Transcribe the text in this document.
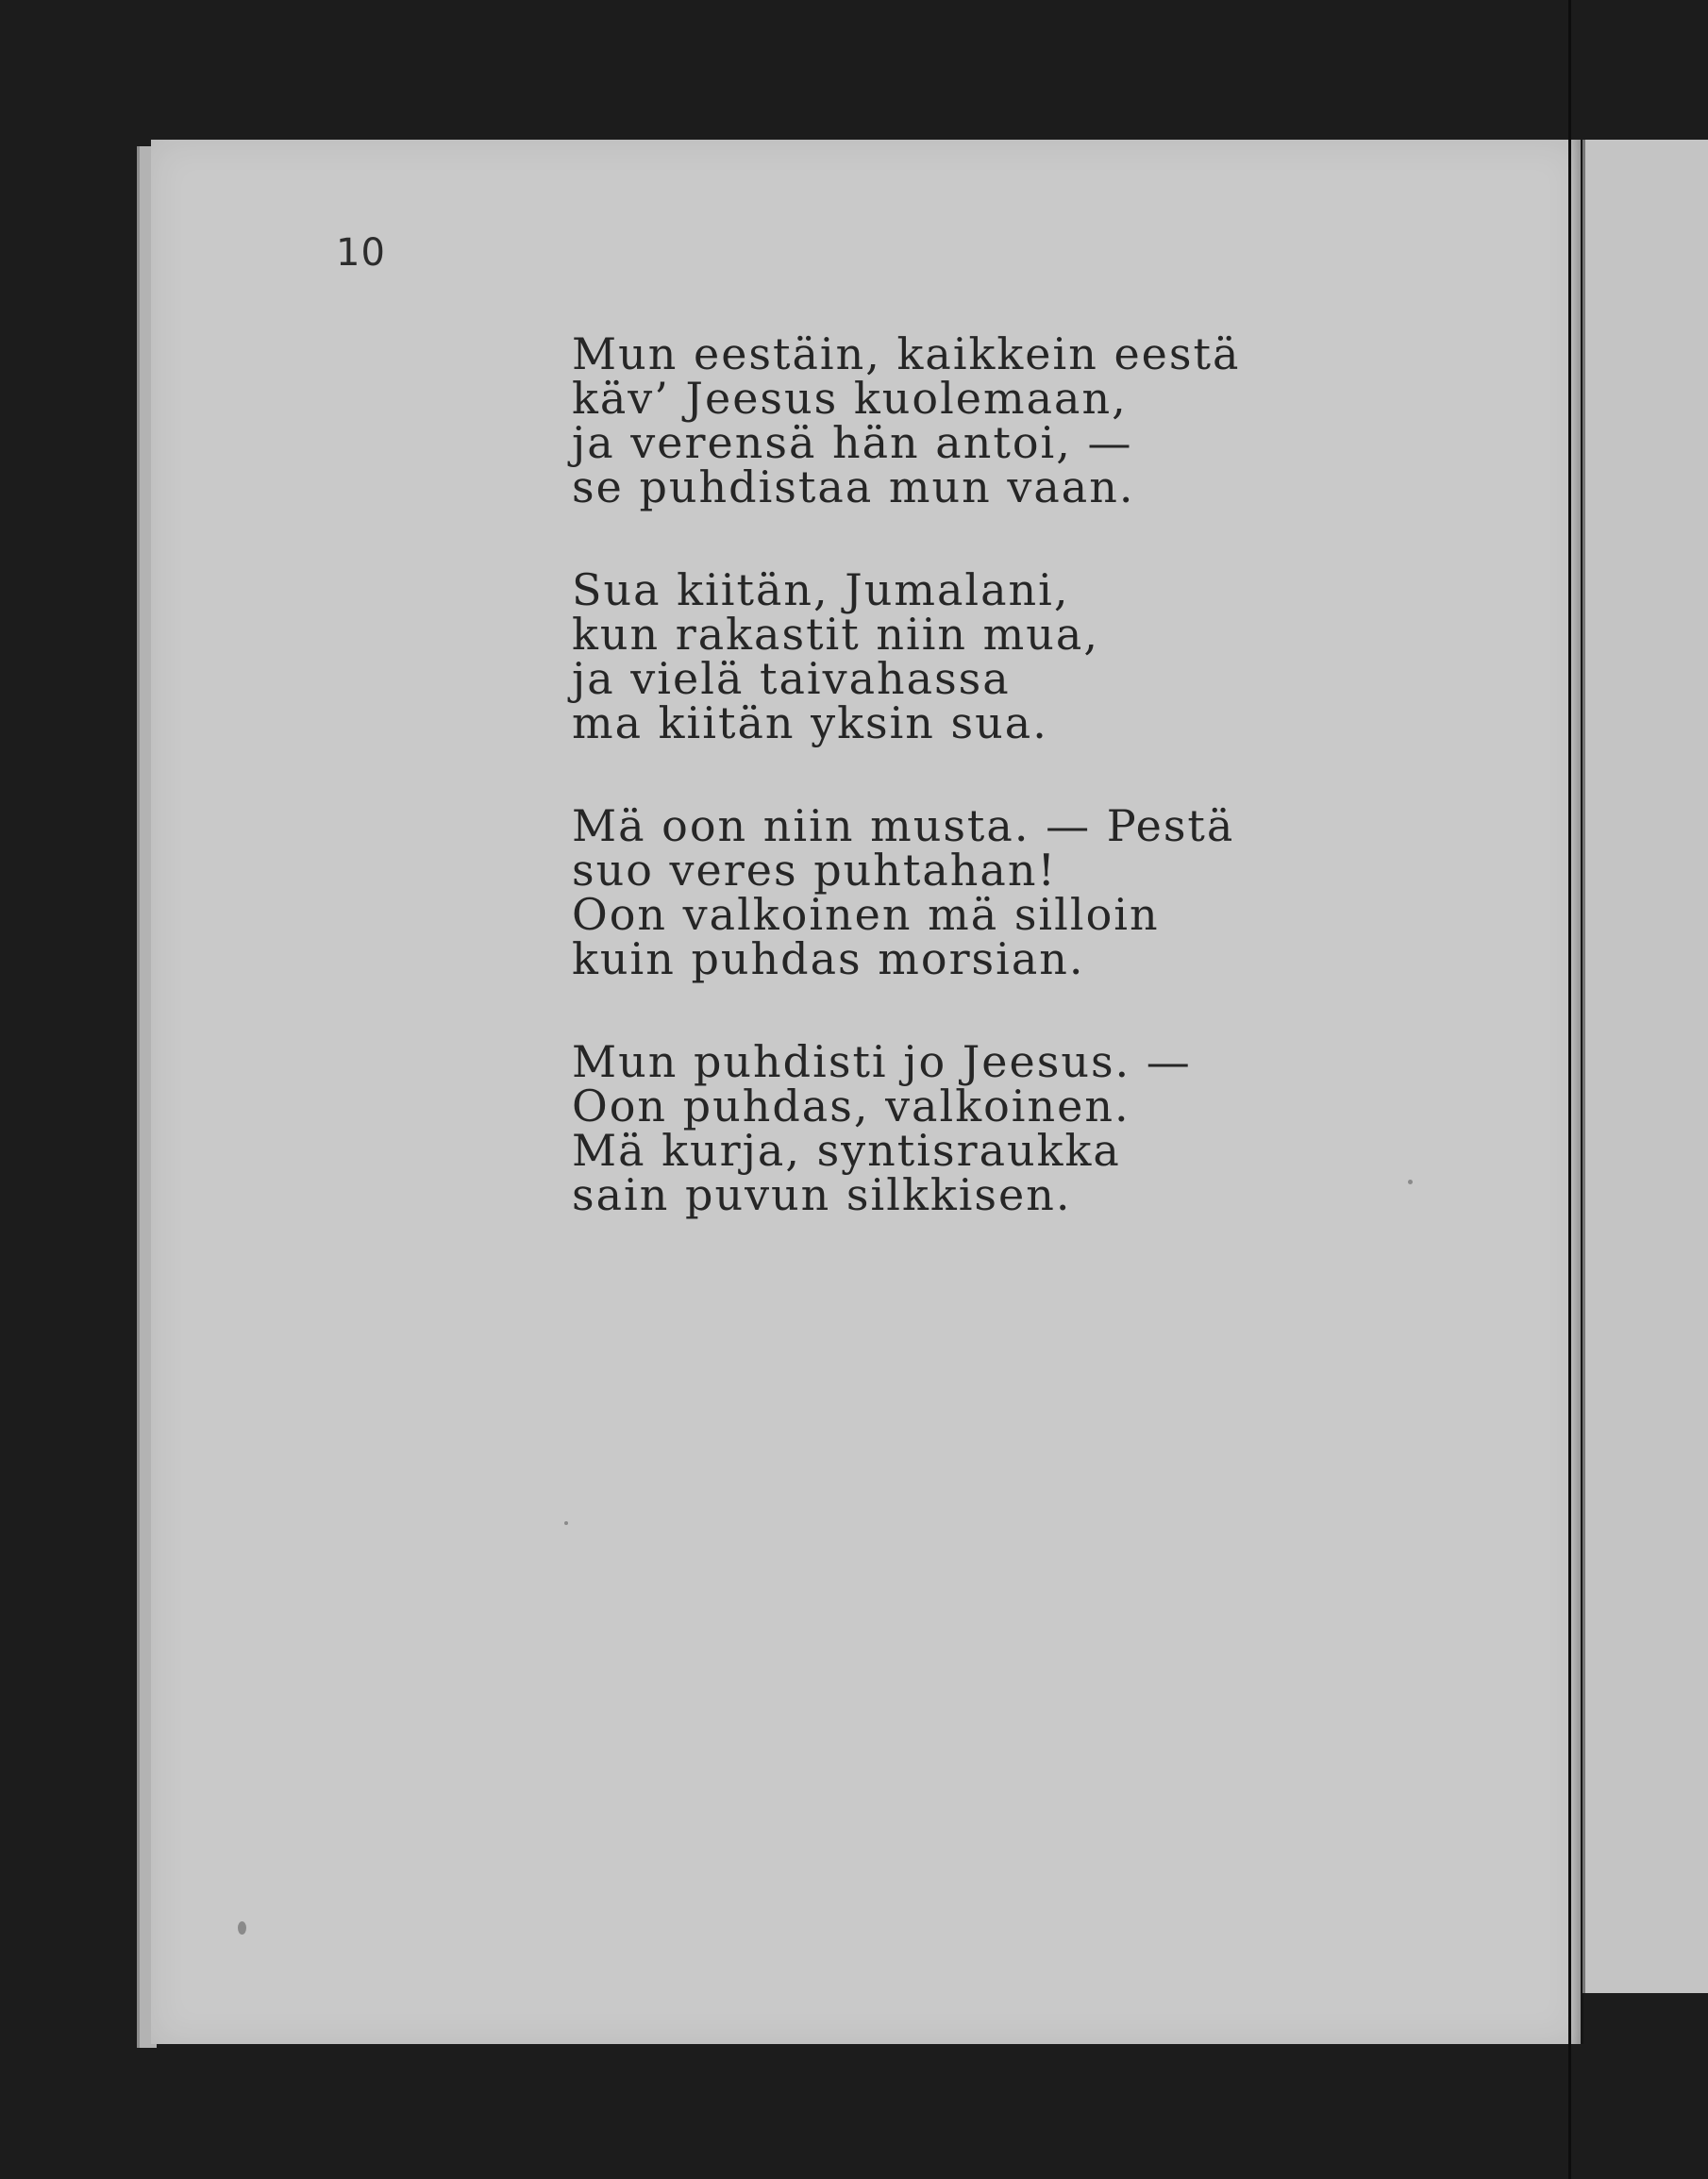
10
Mun eestäin, kaikkein eestä
käv’ Jeesus kuolemaan,
ja verensä hän antoi, —
se puhdistaa mun vaan.
Sua kiitän, Jumalani,
kun rakastit niin mua,
ja vielä taivahassa
ma kiitän yksin sua.
Mä oon niin musta. — Pestä
suo veres puhtahan!
Oon valkoinen mä silloin
kuin puhdas morsian.
Mun puhdisti jo Jeesus. —
Oon puhdas, valkoinen.
Mä kurja, syntisraukka
sain puvun silkkisen.
